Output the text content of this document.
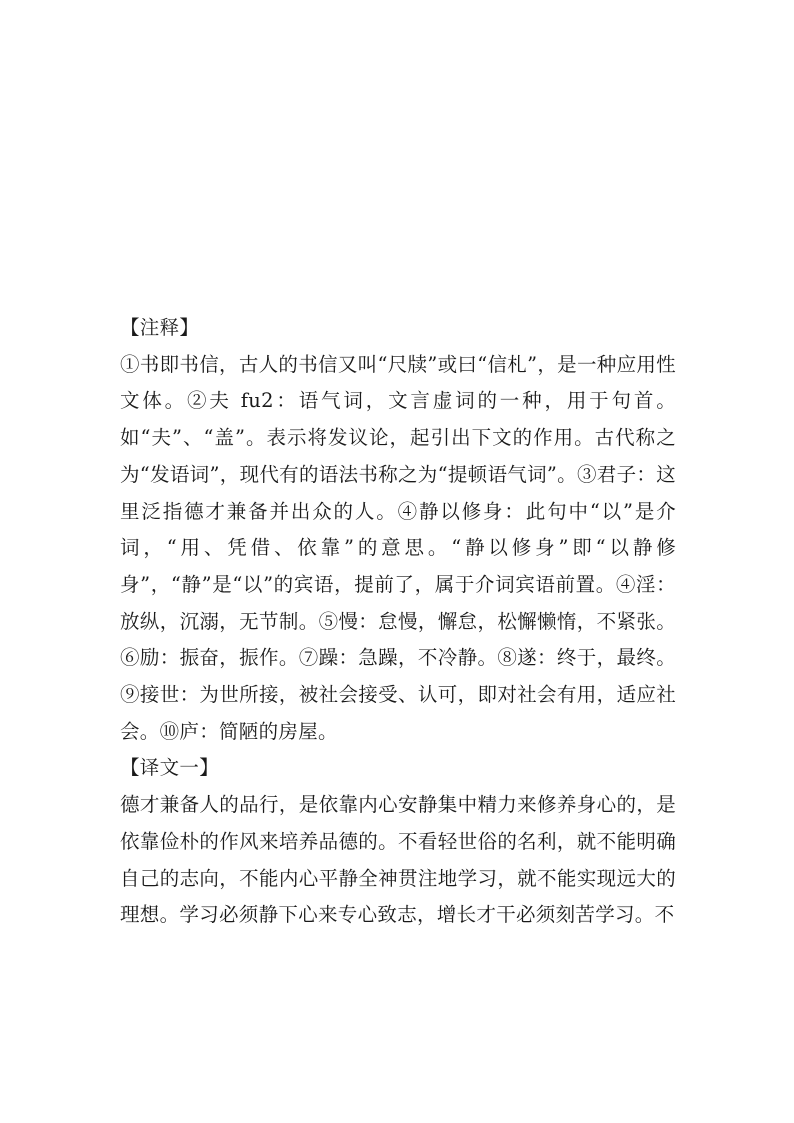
【注释】

①书即书信，古人的书信又叫“尺牍”或曰“信札”，是一种应用性文体。②夫 fu2：语气词，文言虚词的一种，用于句首。如“夫”、“盖”。表示将发议论，起引出下文的作用。古代称之为“发语词”，现代有的语法书称之为“提顿语气词”。③君子：这里泛指德才兼备并出众的人。④静以修身：此句中“以”是介词，“用、凭借、依靠”的意思。“静以修身”即“以静修身”，“静”是“以”的宾语，提前了，属于介词宾语前置。④淫：放纵，沉溺，无节制。⑤慢：怠慢，懈怠，松懈懒惰，不紧张。⑥励：振奋，振作。⑦躁：急躁，不冷静。⑧遂：终于，最终。⑨接世：为世所接，被社会接受、认可，即对社会有用，适应社会。⑩庐：简陋的房屋。

【译文一】

德才兼备人的品行，是依靠内心安静集中精力来修养身心的，是依靠俭朴的作风来培养品德的。不看轻世俗的名利，就不能明确自己的志向，不能内心平静全神贯注地学习，就不能实现远大的理想。学习必须静下心来专心致志，增长才干必须刻苦学习。不
